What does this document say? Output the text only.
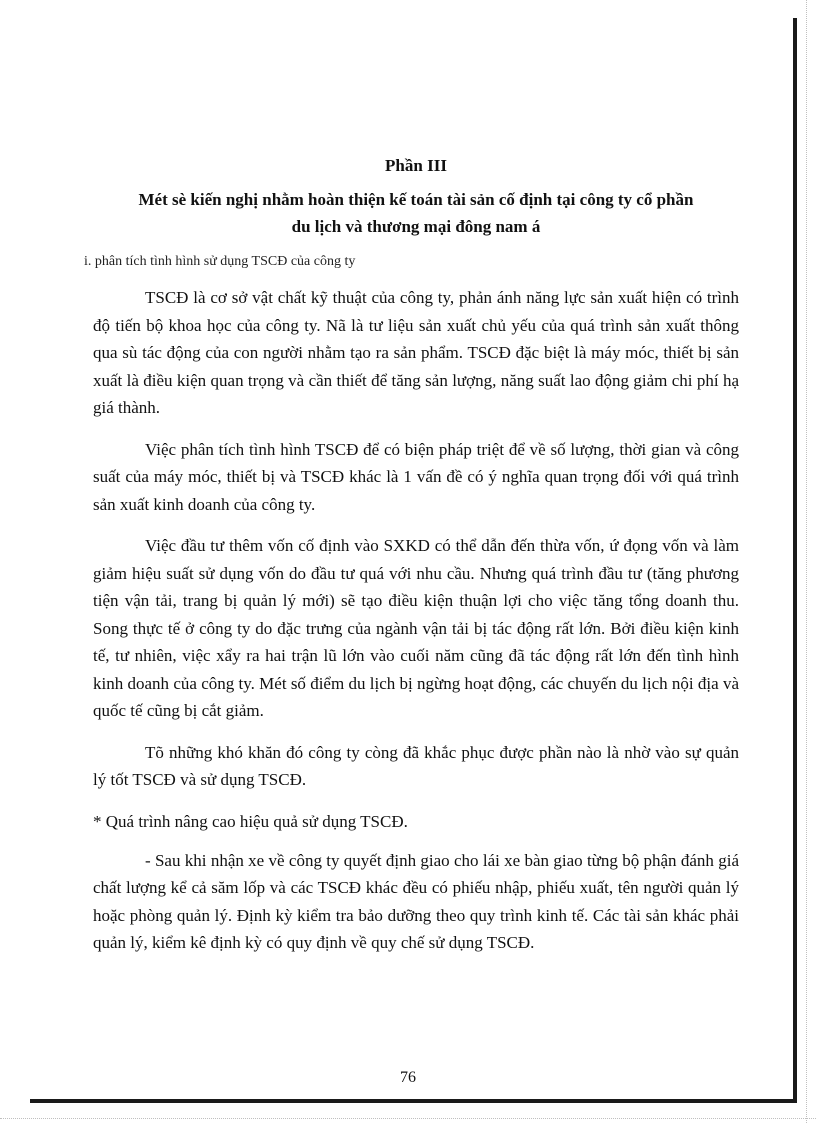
Phần III
Mét sè kiến nghị nhằm hoàn thiện kế toán tài sản cố định tại công ty cổ phần
du lịch và thương mại đông nam á
i. phân tích tình hình sử dụng TSCĐ của công ty

TSCĐ là cơ sở vật chất kỹ thuật của công ty, phản ánh năng lực sản xuất hiện có trình độ tiến bộ khoa học của công ty. Nã là tư liệu sản xuất chủ yếu của quá trình sản xuất thông qua sù tác động của con người nhằm tạo ra sản phẩm. TSCĐ đặc biệt là máy móc, thiết bị sản xuất là điều kiện quan trọng và cần thiết để tăng sản lượng, năng suất lao động giảm chi phí hạ giá thành.

Việc phân tích tình hình TSCĐ để có biện pháp triệt để về số lượng, thời gian và công suất của máy móc, thiết bị và TSCĐ khác là 1 vấn đề có ý nghĩa quan trọng đối với quá trình sản xuất kinh doanh của công ty.

Việc đầu tư thêm vốn cố định vào SXKD có thể dẫn đến thừa vốn, ứ đọng vốn và làm giảm hiệu suất sử dụng vốn do đầu tư quá với nhu cầu. Nhưng quá trình đầu tư (tăng phương tiện vận tải, trang bị quản lý mới) sẽ tạo điều kiện thuận lợi cho việc tăng tổng doanh thu. Song thực tế ở công ty do đặc trưng của ngành vận tải bị tác động rất lớn. Bởi điều kiện kinh tế, tư nhiên, việc xẩy ra hai trận lũ lớn vào cuối năm cũng đã tác động rất lớn đến tình hình kinh doanh của công ty. Mét số điểm du lịch bị ngừng hoạt động, các chuyến du lịch nội địa và quốc tế cũng bị cắt giảm.

Tõ những khó khăn đó công ty còng đã khắc phục được phần nào là nhờ vào sự quản lý tốt TSCĐ và sử dụng TSCĐ.

* Quá trình nâng cao hiệu quả sử dụng TSCĐ.

- Sau khi nhận xe về công ty quyết định giao cho lái xe bàn giao từng bộ phận đánh giá chất lượng kể cả săm lốp và các TSCĐ khác đều có phiếu nhập, phiếu xuất, tên người quản lý hoặc phòng quản lý. Định kỳ kiểm tra bảo dưỡng theo quy trình kinh tế. Các tài sản khác phải quản lý, kiểm kê định kỳ có quy định về quy chế sử dụng TSCĐ.

76
